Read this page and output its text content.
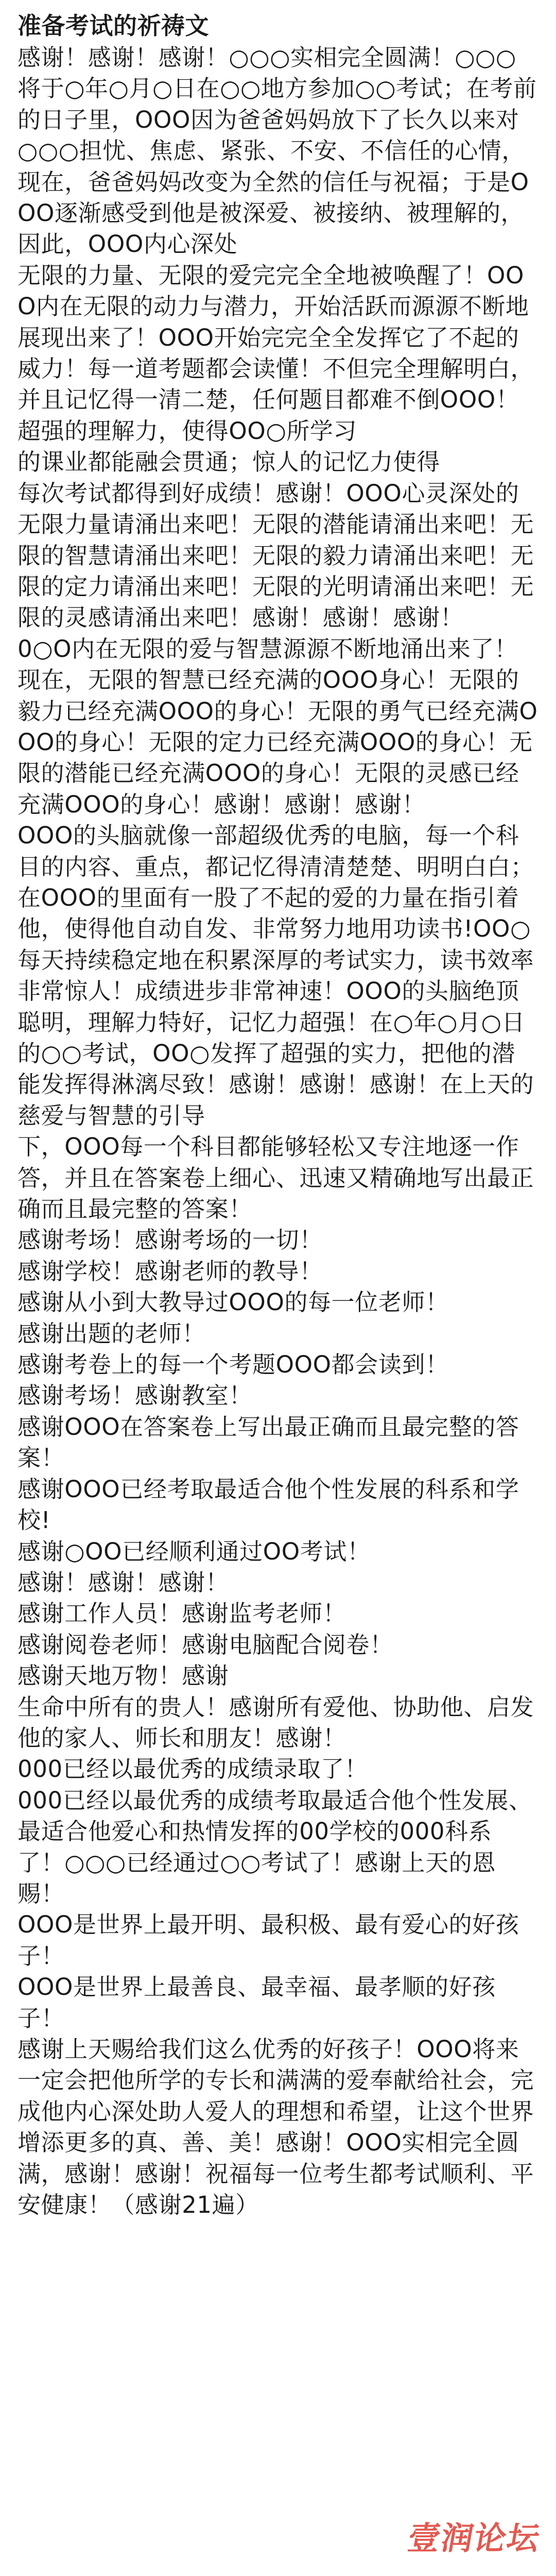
准备考试的祈祷文

感谢！感谢！感谢！○○○实相完全圆满！○○○将于○年○月○日在○○地方参加○○考试；在考前的日子里，OOO因为爸爸妈妈放下了长久以来对○○○担忧、焦虑、紧张、不安、不信任的心情，现在，爸爸妈妈改变为全然的信任与祝福；于是OOO逐渐感受到他是被深爱、被接纳、被理解的，因此，OOO内心深处

无限的力量、无限的爱完完全全地被唤醒了！OOO内在无限的动力与潜力，开始活跃而源源不断地展现出来了！OOO开始完完全全发挥它了不起的威力！每一道考题都会读懂！不但完全理解明白，并且记忆得一清二楚，任何题目都难不倒OOO！超强的理解力，使得OO○所学习

的课业都能融会贯通；惊人的记忆力使得

每次考试都得到好成绩！感谢！OOO心灵深处的无限力量请涌出来吧！无限的潜能请涌出来吧！无限的智慧请涌出来吧！无限的毅力请涌出来吧！无限的定力请涌出来吧！无限的光明请涌出来吧！无限的灵感请涌出来吧！感谢！感谢！感谢！

0○O内在无限的爱与智慧源源不断地涌出来了！现在，无限的智慧已经充满的OOO身心！无限的毅力已经充满OOO的身心！无限的勇气已经充满OOO的身心！无限的定力已经充满OOO的身心！无限的潜能已经充满OOO的身心！无限的灵感已经充满OOO的身心！感谢！感谢！感谢！

OOO的头脑就像一部超级优秀的电脑，每一个科目的内容、重点，都记忆得清清楚楚、明明白白；在OOO的里面有一股了不起的爱的力量在指引着他，使得他自动自发、非常努力地用功读书!OO○每天持续稳定地在积累深厚的考试实力，读书效率非常惊人！成绩进步非常神速！OOO的头脑绝顶聪明，理解力特好，记忆力超强！在○年○月○日的○○考试，OO○发挥了超强的实力，把他的潜能发挥得淋漓尽致！感谢！感谢！感谢！在上天的慈爱与智慧的引导

下，OOO每一个科目都能够轻松又专注地逐一作答，并且在答案卷上细心、迅速又精确地写出最正确而且最完整的答案！

感谢考场！感谢考场的一切！

感谢学校！感谢老师的教导！

感谢从小到大教导过OOO的每一位老师！

感谢出题的老师！

感谢考卷上的每一个考题OOO都会读到！

感谢考场！感谢教室！

感谢OOO在答案卷上写出最正确而且最完整的答案！

感谢OOO已经考取最适合他个性发展的科系和学校!

感谢○OO已经顺利通过OO考试！

感谢！感谢！感谢！

感谢工作人员！感谢监考老师！

感谢阅卷老师！感谢电脑配合阅卷！

感谢天地万物！感谢

生命中所有的贵人！感谢所有爱他、协助他、启发他的家人、师长和朋友！感谢！

000已经以最优秀的成绩录取了！

000已经以最优秀的成绩考取最适合他个性发展、最适合他爱心和热情发挥的00学校的000科系了！○○○已经通过○○考试了！感谢上天的恩赐！

OOO是世界上最开明、最积极、最有爱心的好孩子！

OOO是世界上最善良、最幸福、最孝顺的好孩子！

感谢上天赐给我们这么优秀的好孩子！OOO将来一定会把他所学的专长和满满的爱奉献给社会，完成他内心深处助人爱人的理想和希望，让这个世界增添更多的真、善、美！感谢！OOO实相完全圆满，感谢！感谢！祝福每一位考生都考试顺利、平安健康！（感谢21遍）

壹润论坛
